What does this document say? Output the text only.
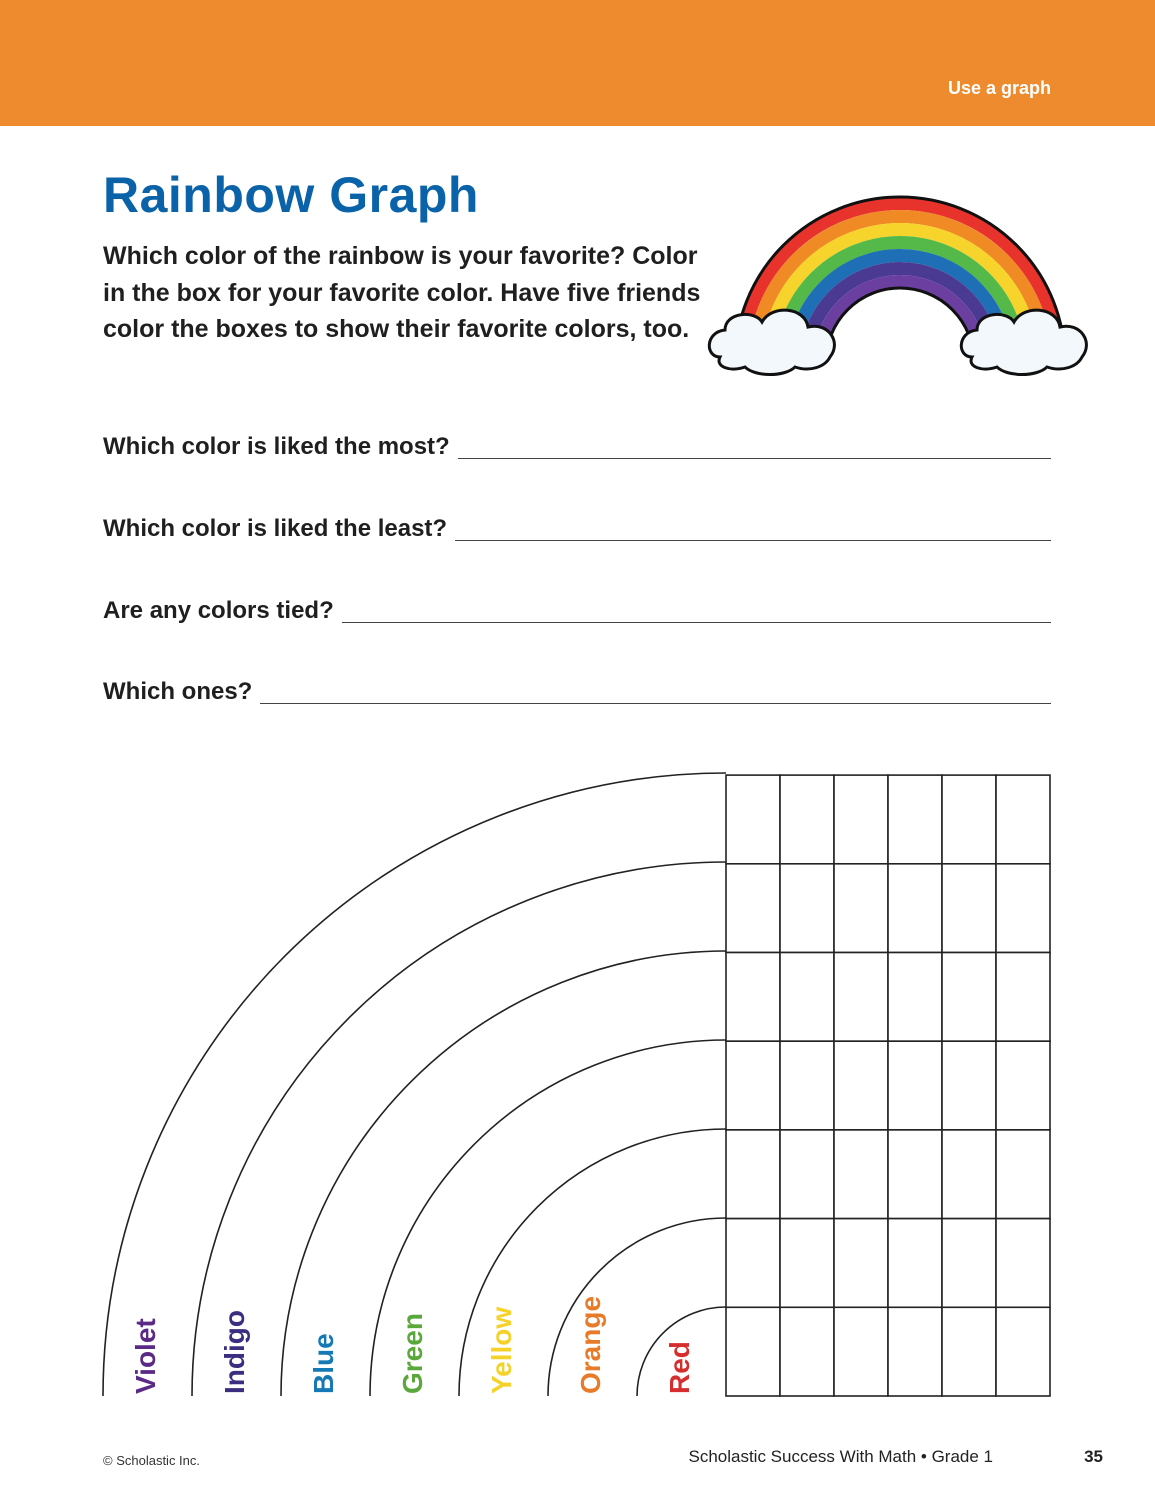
Use a graph
Rainbow Graph
Which color of the rainbow is your favorite? Color in the box for your favorite color. Have five friends color the boxes to show their favorite colors, too.
Which color is liked the most?
Which color is liked the least?
Are any colors tied?
Which ones?
Violet Indigo Blue Green Yellow Orange Red
© Scholastic Inc.	Scholastic Success With Math • Grade 1	35
